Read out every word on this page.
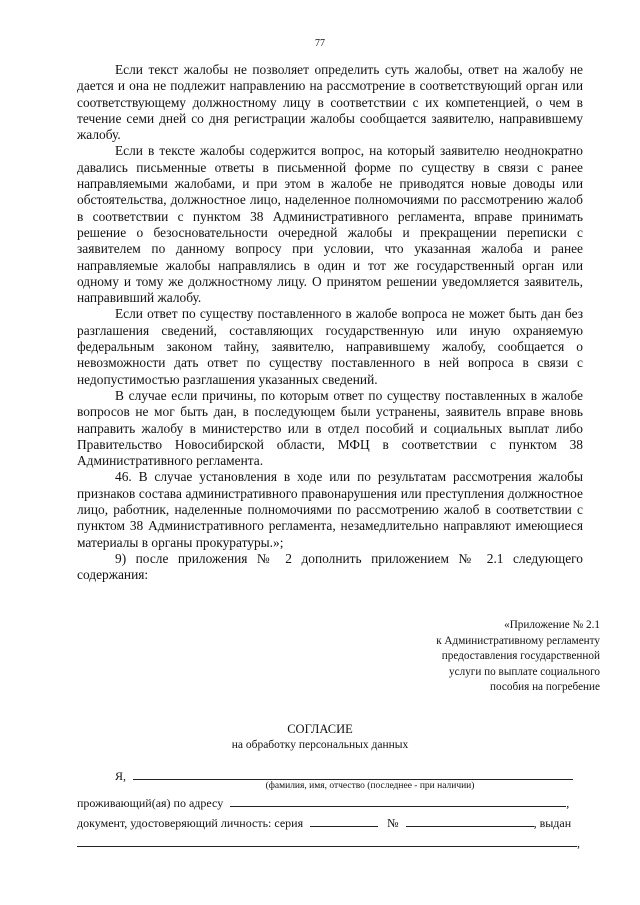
77

Если текст жалобы не позволяет определить суть жалобы, ответ на жалобу не дается и она не подлежит направлению на рассмотрение в соответствующий орган или соответствующему должностному лицу в соответствии с их компетенцией, о чем в течение семи дней со дня регистрации жалобы сообщается заявителю, направившему жалобу.

Если в тексте жалобы содержится вопрос, на который заявителю неоднократно давались письменные ответы в письменной форме по существу в связи с ранее направляемыми жалобами, и при этом в жалобе не приводятся новые доводы или обстоятельства, должностное лицо, наделенное полномочиями по рассмотрению жалоб в соответствии с пунктом 38 Административного регламента, вправе принимать решение о безосновательности очередной жалобы и прекращении переписки с заявителем по данному вопросу при условии, что указанная жалоба и ранее направляемые жалобы направлялись в один и тот же государственный орган или одному и тому же должностному лицу. О принятом решении уведомляется заявитель, направивший жалобу.

Если ответ по существу поставленного в жалобе вопроса не может быть дан без разглашения сведений, составляющих государственную или иную охраняемую федеральным законом тайну, заявителю, направившему жалобу, сообщается о невозможности дать ответ по существу поставленного в ней вопроса в связи с недопустимостью разглашения указанных сведений.

В случае если причины, по которым ответ по существу поставленных в жалобе вопросов не мог быть дан, в последующем были устранены, заявитель вправе вновь направить жалобу в министерство или в отдел пособий и социальных выплат либо Правительство Новосибирской области, МФЦ в соответствии с пунктом 38 Административного регламента.

46. В случае установления в ходе или по результатам рассмотрения жалобы признаков состава административного правонарушения или преступления должностное лицо, работник, наделенные полномочиями по рассмотрению жалоб в соответствии с пунктом 38 Административного регламента, незамедлительно направляют имеющиеся материалы в органы прокуратуры.»;

9) после приложения № 2 дополнить приложением № 2.1 следующего содержания:

«Приложение № 2.1
к Административному регламенту
предоставления государственной
услуги по выплате социального
пособия на погребение
СОГЛАСИЕ
на обработку персональных данных
Я,
(фамилия, имя, отчество (последнее - при наличии)
проживающий(ая) по адресу	,
документ, удостоверяющий личность: серия	№	, выдан
,
